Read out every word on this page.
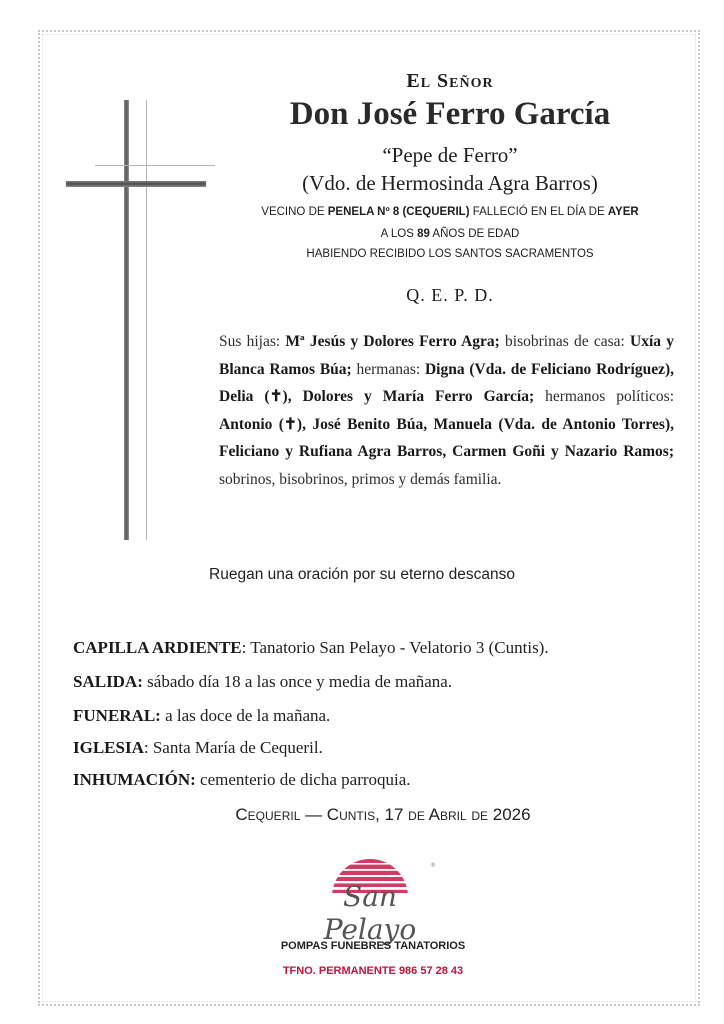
El Señor
Don José Ferro García
“Pepe de Ferro”
(Vdo. de Hermosinda Agra Barros)
VECINO DE PENELA Nº 8 (CEQUERIL) FALLECIÓ EN EL DÍA DE AYER
A LOS 89 AÑOS DE EDAD
HABIENDO RECIBIDO LOS SANTOS SACRAMENTOS
Q. E. P. D.
Sus hijas: Mª Jesús y Dolores Ferro Agra; bisobrinas de casa: Uxía y Blanca Ramos Búa; hermanas: Digna (Vda. de Feliciano Rodríguez), Delia (✝), Dolores y María Ferro García; hermanos políticos: Antonio (✝), José Benito Búa, Manuela (Vda. de Antonio Torres), Feliciano y Rufiana Agra Barros, Carmen Goñi y Nazario Ramos; sobrinos, bisobrinos, primos y demás familia.
Ruegan una oración por su eterno descanso
CAPILLA ARDIENTE: Tanatorio San Pelayo - Velatorio 3 (Cuntis).
SALIDA: sábado día 18 a las once y media de mañana.
FUNERAL: a las doce de la mañana.
IGLESIA: Santa María de Cequeril.
INHUMACIÓN: cementerio de dicha parroquia.
Cequeril — Cuntis, 17 de Abril de 2026
®
San Pelayo
POMPAS FUNEBRES TANATORIOS
TFNO. PERMANENTE 986 57 28 43
